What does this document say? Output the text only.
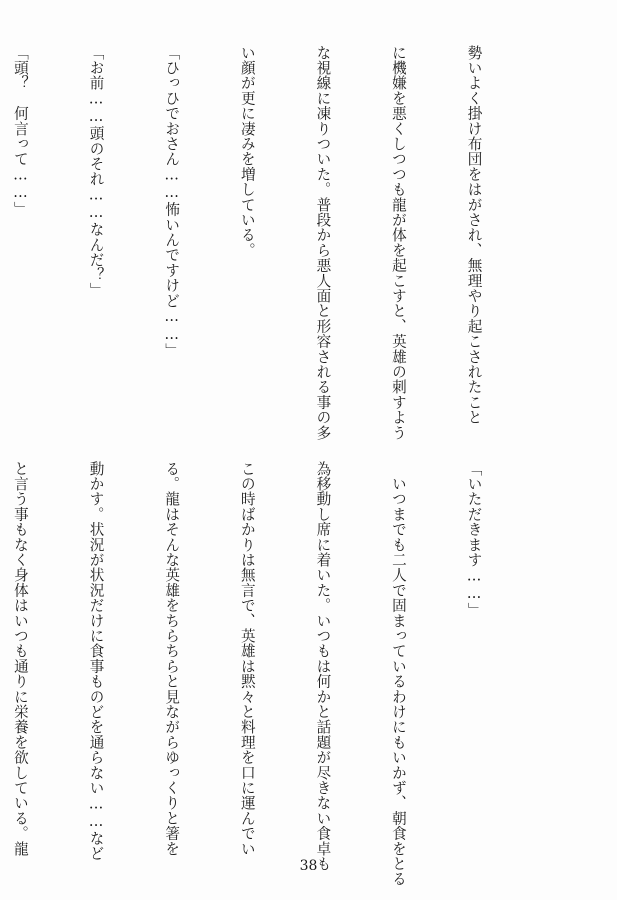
勢いよく掛け布団をはがされ、無理やり起こされたこと

に機嫌を悪くしつつも龍が体を起こすと、英雄の刺すよう

な視線に凍りついた。普段から悪人面と形容される事の多

い顔が更に凄みを増している。

「ひっひでおさん……怖いんですけど……」

「お前……頭のそれ……なんだ？」

「頭？　何言って……」

「いただきます……」

　いつまでも二人で固まっているわけにもいかず、朝食をとる

為移動し席に着いた。いつもは何かと話題が尽きない食卓も

この時ばかりは無言で、英雄は黙々と料理を口に運んでい

る。龍はそんな英雄をちらちらと見ながらゆっくりと箸を

動かす。状況が状況だけに食事ものどを通らない……など

と言う事もなく身体はいつも通りに栄養を欲している。龍

38
